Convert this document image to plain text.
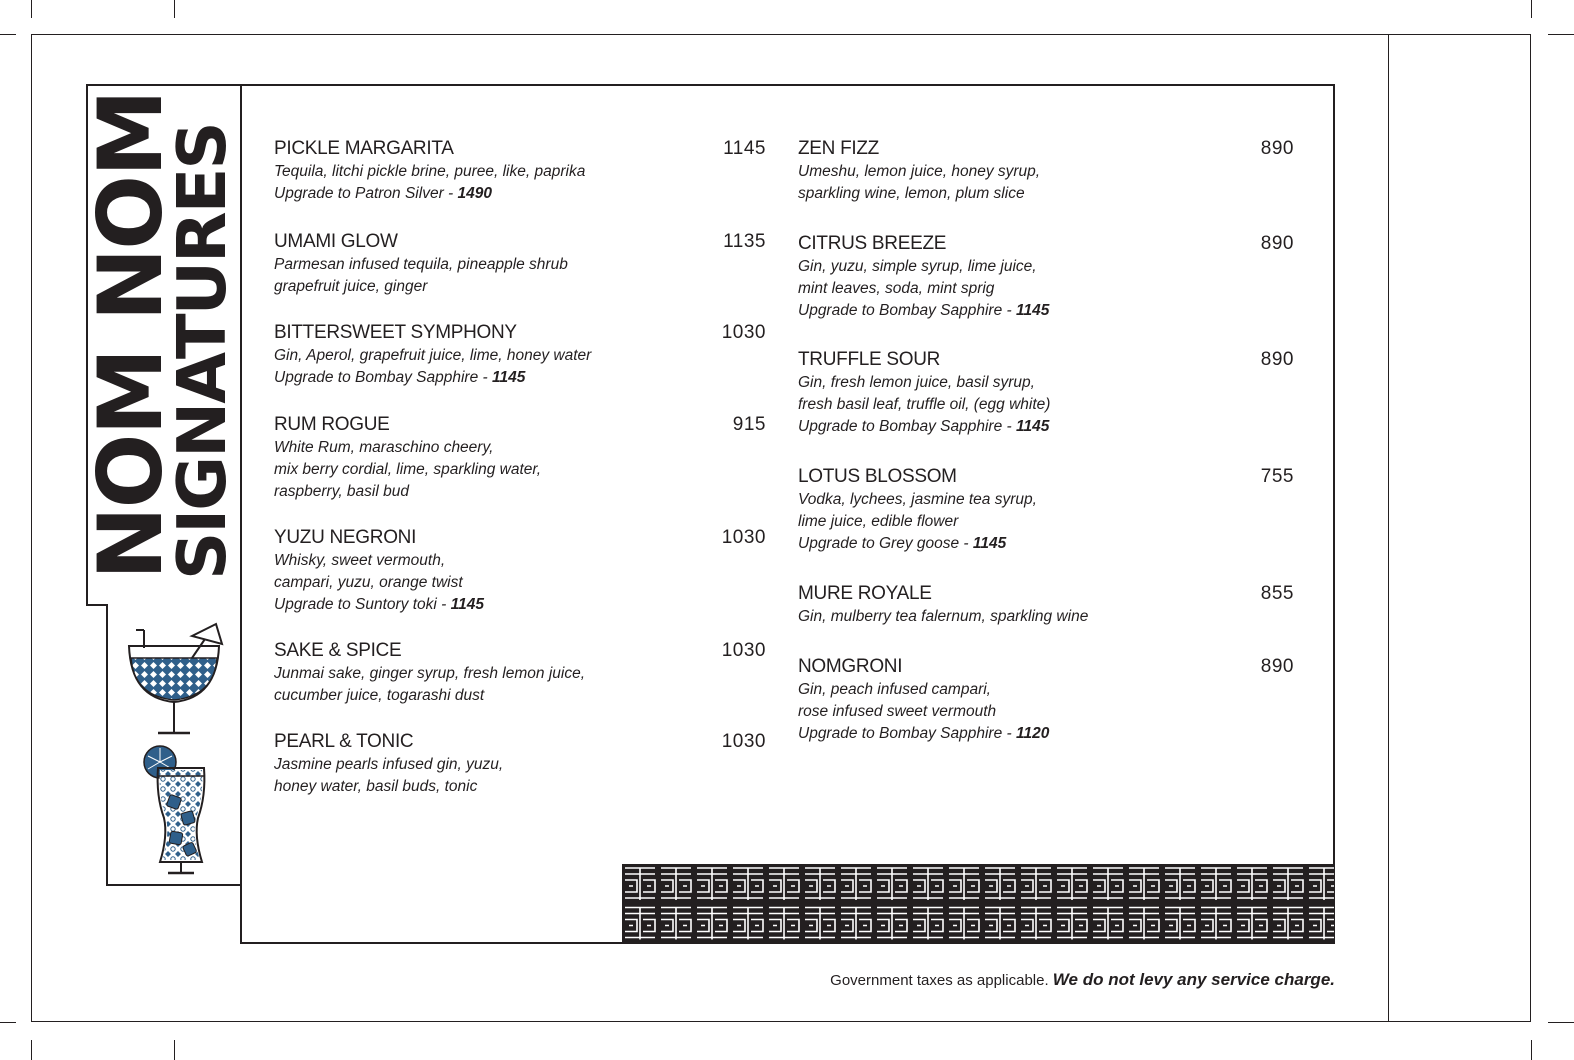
NOM NOM
SIGNATURES PICKLE MARGARITA	1145
Tequila, litchi pickle brine, puree, like, paprika
Upgrade to Patron Silver - 1490
UMAMI GLOW	1135
Parmesan infused tequila, pineapple shrub
grapefruit juice, ginger
BITTERSWEET SYMPHONY	1030
Gin, Aperol, grapefruit juice, lime, honey water
Upgrade to Bombay Sapphire - 1145
RUM ROGUE	915
White Rum, maraschino cheery,
mix berry cordial, lime, sparkling water,
raspberry, basil bud
YUZU NEGRONI	1030
Whisky, sweet vermouth,
campari, yuzu, orange twist
Upgrade to Suntory toki - 1145
SAKE & SPICE	1030
Junmai sake, ginger syrup, fresh lemon juice,
cucumber juice, togarashi dust
PEARL & TONIC	1030
Jasmine pearls infused gin, yuzu,
honey water, basil buds, tonic
ZEN FIZZ	890
Umeshu, lemon juice, honey syrup,
sparkling wine, lemon, plum slice
CITRUS BREEZE	890
Gin, yuzu, simple syrup, lime juice,
mint leaves, soda, mint sprig
Upgrade to Bombay Sapphire - 1145
TRUFFLE SOUR	890
Gin, fresh lemon juice, basil syrup,
fresh basil leaf, truffle oil, (egg white)
Upgrade to Bombay Sapphire - 1145
LOTUS BLOSSOM	755
Vodka, lychees, jasmine tea syrup,
lime juice, edible flower
Upgrade to Grey goose - 1145
MURE ROYALE	855
Gin, mulberry tea falernum, sparkling wine
NOMGRONI	890
Gin, peach infused campari,
rose infused sweet vermouth
Upgrade to Bombay Sapphire - 1120
Government taxes as applicable. We do not levy any service charge.
